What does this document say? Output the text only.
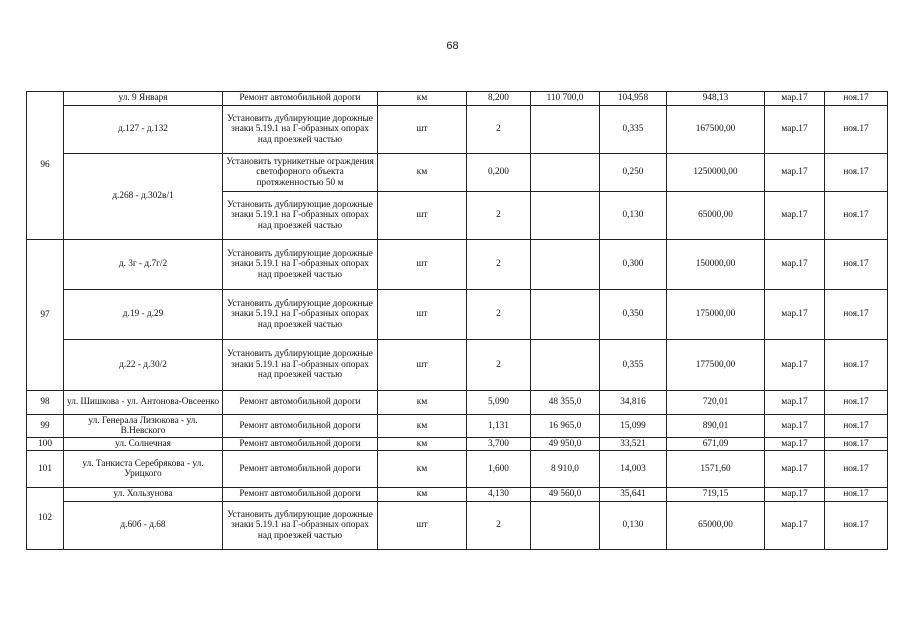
68
96	ул. 9 Января	Ремонт автомобильной дороги	км	8,200	110 700,0	104,958	948,13	мар.17	ноя.17
	д.127 - д.132	Установить дублирующие дорожные знаки 5.19.1 на Г-образных опорах над проезжей частью	шт	2		0,335	167500,00	мар.17	ноя.17
	д.268 - д.302в/1	Установить турникетные ограждения светофорного объекта протяженностью 50 м	км	0,200		0,250	1250000,00	мар.17	ноя.17
		Установить дублирующие дорожные знаки 5.19.1 на Г-образных опорах над проезжей частью	шт	2		0,130	65000,00	мар.17	ноя.17
97	д. 3г - д.7г/2	Установить дублирующие дорожные знаки 5.19.1 на Г-образных опорах над проезжей частью	шт	2		0,300	150000,00	мар.17	ноя.17
	д.19 - д.29	Установить дублирующие дорожные знаки 5.19.1 на Г-образных опорах над проезжей частью	шт	2		0,350	175000,00	мар.17	ноя.17
	д.22 - д.30/2	Установить дублирующие дорожные знаки 5.19.1 на Г-образных опорах над проезжей частью	шт	2		0,355	177500,00	мар.17	ноя.17
98	ул. Шишкова - ул. Антонова-Овсеенко	Ремонт автомобильной дороги	км	5,090	48 355,0	34,816	720,01	мар.17	ноя.17
99	ул. Генерала Лизюкова - ул. В.Невского	Ремонт автомобильной дороги	км	1,131	16 965,0	15,099	890,01	мар.17	ноя.17
100	ул. Солнечная	Ремонт автомобильной дороги	км	3,700	49 950,0	33,521	671,09	мар.17	ноя.17
101	ул. Танкиста Серебрякова - ул. Урицкого	Ремонт автомобильной дороги	км	1,600	8 910,0	14,003	1571,60	мар.17	ноя.17
102	ул. Хользунова	Ремонт автомобильной дороги	км	4,130	49 560,0	35,641	719,15	мар.17	ноя.17
	д.60б - д.68	Установить дублирующие дорожные знаки 5.19.1 на Г-образных опорах над проезжей частью	шт	2		0,130	65000,00	мар.17	ноя.17
